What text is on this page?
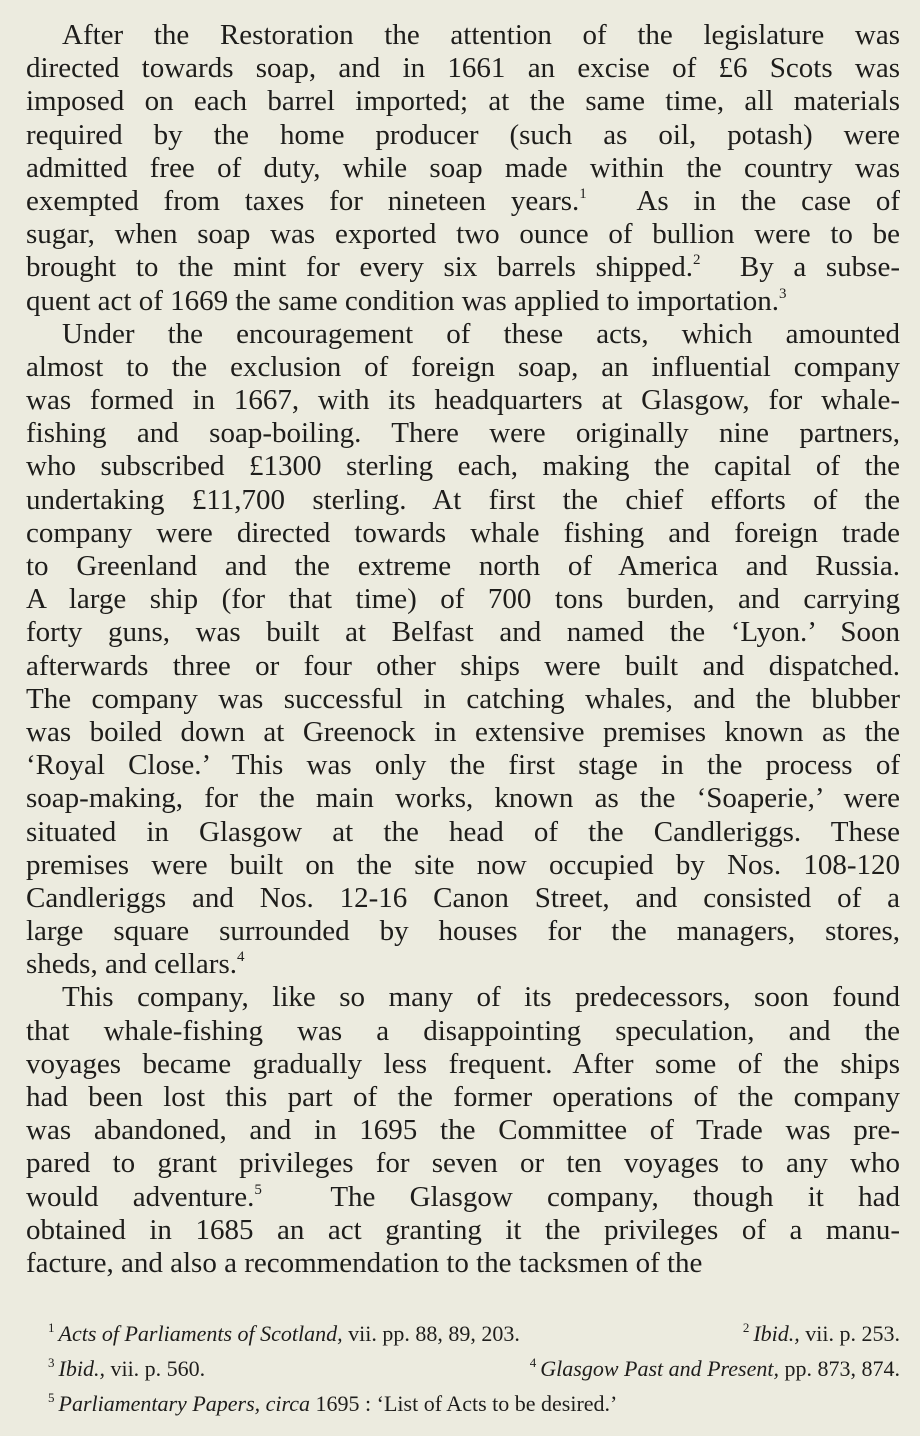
After the Restoration the attention of the legislature was
directed towards soap, and in 1661 an excise of £6 Scots was
imposed on each barrel imported; at the same time, all materials
required by the home producer (such as oil, potash) were
admitted free of duty, while soap made within the country was
exempted from taxes for nineteen years.$^1$  As in the case of
sugar, when soap was exported two ounce of bullion were to be
brought to the mint for every six barrels shipped.$^2$  By a subse-
quent act of 1669 the same condition was applied to importation.$^3$
Under the encouragement of these acts, which amounted
almost to the exclusion of foreign soap, an influential company
was formed in 1667, with its headquarters at Glasgow, for whale-
fishing and soap-boiling. There were originally nine partners,
who subscribed £1300 sterling each, making the capital of the
undertaking £11,700 sterling. At first the chief efforts of the
company were directed towards whale fishing and foreign trade
to Greenland and the extreme north of America and Russia.
A large ship (for that time) of 700 tons burden, and carrying
forty guns, was built at Belfast and named the ‘Lyon.’ Soon
afterwards three or four other ships were built and dispatched.
The company was successful in catching whales, and the blubber
was boiled down at Greenock in extensive premises known as the
‘Royal Close.’ This was only the first stage in the process of
soap-making, for the main works, known as the ‘Soaperie,’ were
situated in Glasgow at the head of the Candleriggs. These
premises were built on the site now occupied by Nos. 108-120
Candleriggs and Nos. 12-16 Canon Street, and consisted of a
large square surrounded by houses for the managers, stores,
sheds, and cellars.$^4$
This company, like so many of its predecessors, soon found
that whale-fishing was a disappointing speculation, and the
voyages became gradually less frequent. After some of the ships
had been lost this part of the former operations of the company
was abandoned, and in 1695 the Committee of Trade was pre-
pared to grant privileges for seven or ten voyages to any who
would adventure.$^5$  The Glasgow company, though it had
obtained in 1685 an act granting it the privileges of a manu-
facture, and also a recommendation to the tacksmen of the
$^1$ Acts of Parliaments of Scotland, vii. pp. 88, 89, 203.	$^2$ Ibid., vii. p. 253.
$^3$ Ibid., vii. p. 560.	$^4$ Glasgow Past and Present, pp. 873, 874.
$^5$ Parliamentary Papers, circa 1695 : ‘List of Acts to be desired.’
